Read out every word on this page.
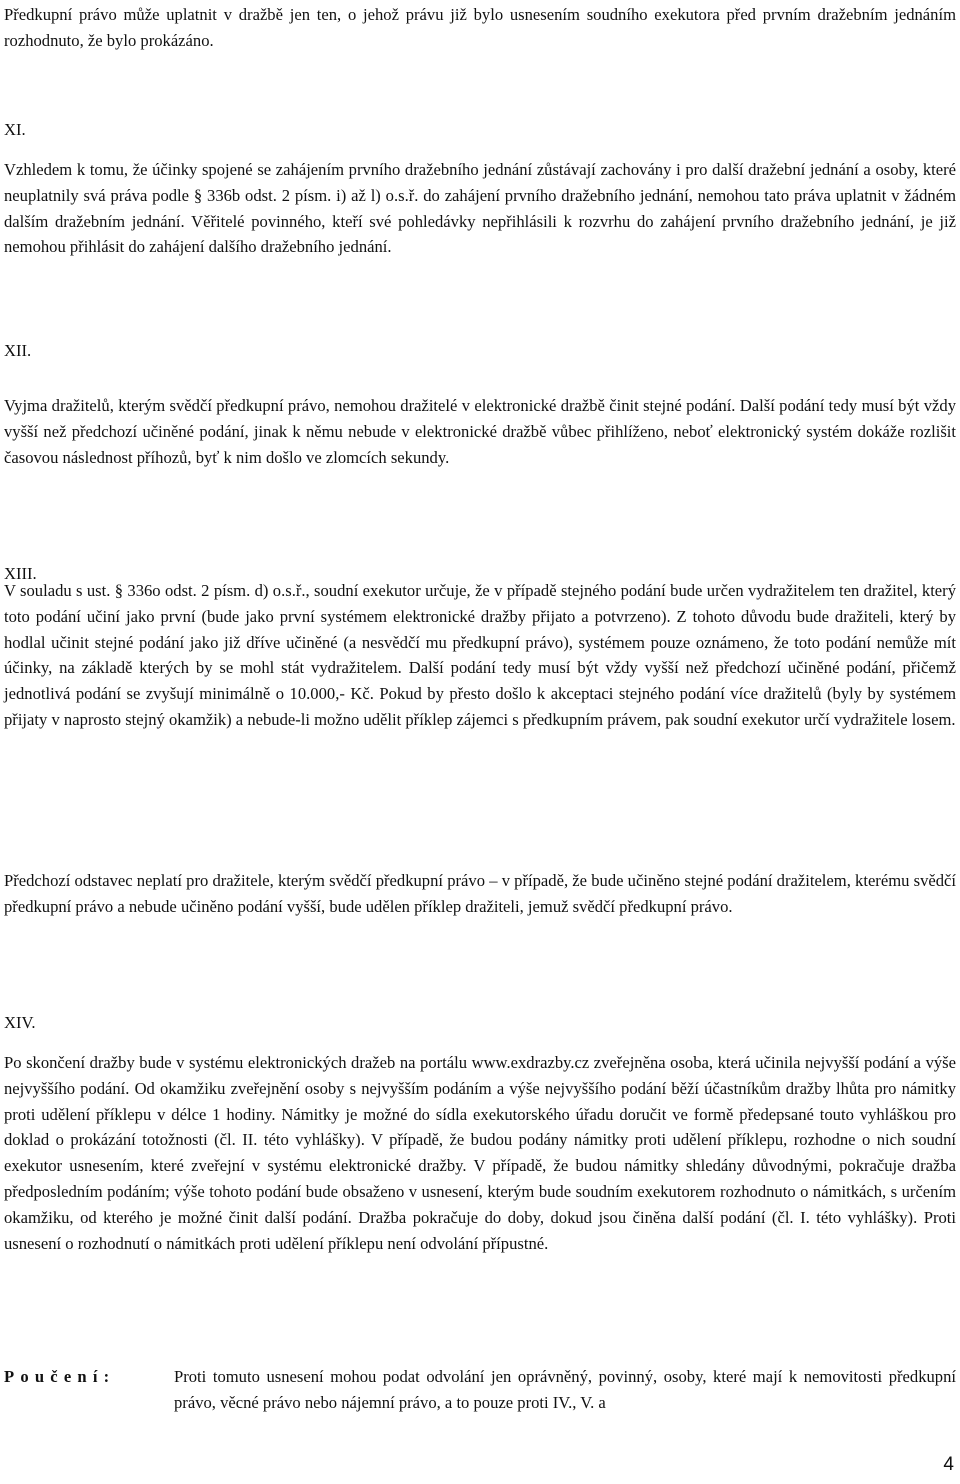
Předkupní právo může uplatnit v dražbě jen ten, o jehož právu již bylo usnesením soudního exekutora před prvním dražebním jednáním rozhodnuto, že bylo prokázáno.

XI.

Vzhledem k tomu, že účinky spojené se zahájením prvního dražebního jednání zůstávají zachovány i pro další dražební jednání a osoby, které neuplatnily svá práva podle § 336b odst. 2 písm. i) až l) o.s.ř. do zahájení prvního dražebního jednání, nemohou tato práva uplatnit v žádném dalším dražebním jednání. Věřitelé povinného, kteří své pohledávky nepřihlásili k rozvrhu do zahájení prvního dražebního jednání, je již nemohou přihlásit do zahájení dalšího dražebního jednání.

XII.

Vyjma dražitelů, kterým svědčí předkupní právo, nemohou dražitelé v elektronické dražbě činit stejné podání. Další podání tedy musí být vždy vyšší než předchozí učiněné podání, jinak k němu nebude v elektronické dražbě vůbec přihlíženo, neboť elektronický systém dokáže rozlišit časovou následnost příhozů, byť k nim došlo ve zlomcích sekundy.

XIII.

V souladu s ust. § 336o odst. 2 písm. d) o.s.ř., soudní exekutor určuje, že v případě stejného podání bude určen vydražitelem ten dražitel, který toto podání učiní jako první (bude jako první systémem elektronické dražby přijato a potvrzeno). Z tohoto důvodu bude dražiteli, který by hodlal učinit stejné podání jako již dříve učiněné (a nesvědčí mu předkupní právo), systémem pouze oznámeno, že toto podání nemůže mít účinky, na základě kterých by se mohl stát vydražitelem. Další podání tedy musí být vždy vyšší než předchozí učiněné podání, přičemž jednotlivá podání se zvyšují minimálně o 10.000,- Kč. Pokud by přesto došlo k akceptaci stejného podání více dražitelů (byly by systémem přijaty v naprosto stejný okamžik) a nebude-li možno udělit příklep zájemci s předkupním právem, pak soudní exekutor určí vydražitele losem.

Předchozí odstavec neplatí pro dražitele, kterým svědčí předkupní právo – v případě, že bude učiněno stejné podání dražitelem, kterému svědčí předkupní právo a nebude učiněno podání vyšší, bude udělen příklep dražiteli, jemuž svědčí předkupní právo.

XIV.

Po skončení dražby bude v systému elektronických dražeb na portálu www.exdrazby.cz zveřejněna osoba, která učinila nejvyšší podání a výše nejvyššího podání. Od okamžiku zveřejnění osoby s nejvyšším podáním a výše nejvyššího podání běží účastníkům dražby lhůta pro námitky proti udělení příklepu v délce 1 hodiny. Námitky je možné do sídla exekutorského úřadu doručit ve formě předepsané touto vyhláškou pro doklad o prokázání totožnosti (čl. II. této vyhlášky). V případě, že budou podány námitky proti udělení příklepu, rozhodne o nich soudní exekutor usnesením, které zveřejní v systému elektronické dražby. V případě, že budou námitky shledány důvodnými, pokračuje dražba předposledním podáním; výše tohoto podání bude obsaženo v usnesení, kterým bude soudním exekutorem rozhodnuto o námitkách, s určením okamžiku, od kterého je možné činit další podání. Dražba pokračuje do doby, dokud jsou činěna další podání (čl. I. této vyhlášky). Proti usnesení o rozhodnutí o námitkách proti udělení příklepu není odvolání přípustné.

Poučení:	Proti tomuto usnesení mohou podat odvolání jen oprávněný, povinný, osoby, které mají k nemovitosti předkupní právo, věcné právo nebo nájemní právo, a to pouze proti IV., V. a

4
